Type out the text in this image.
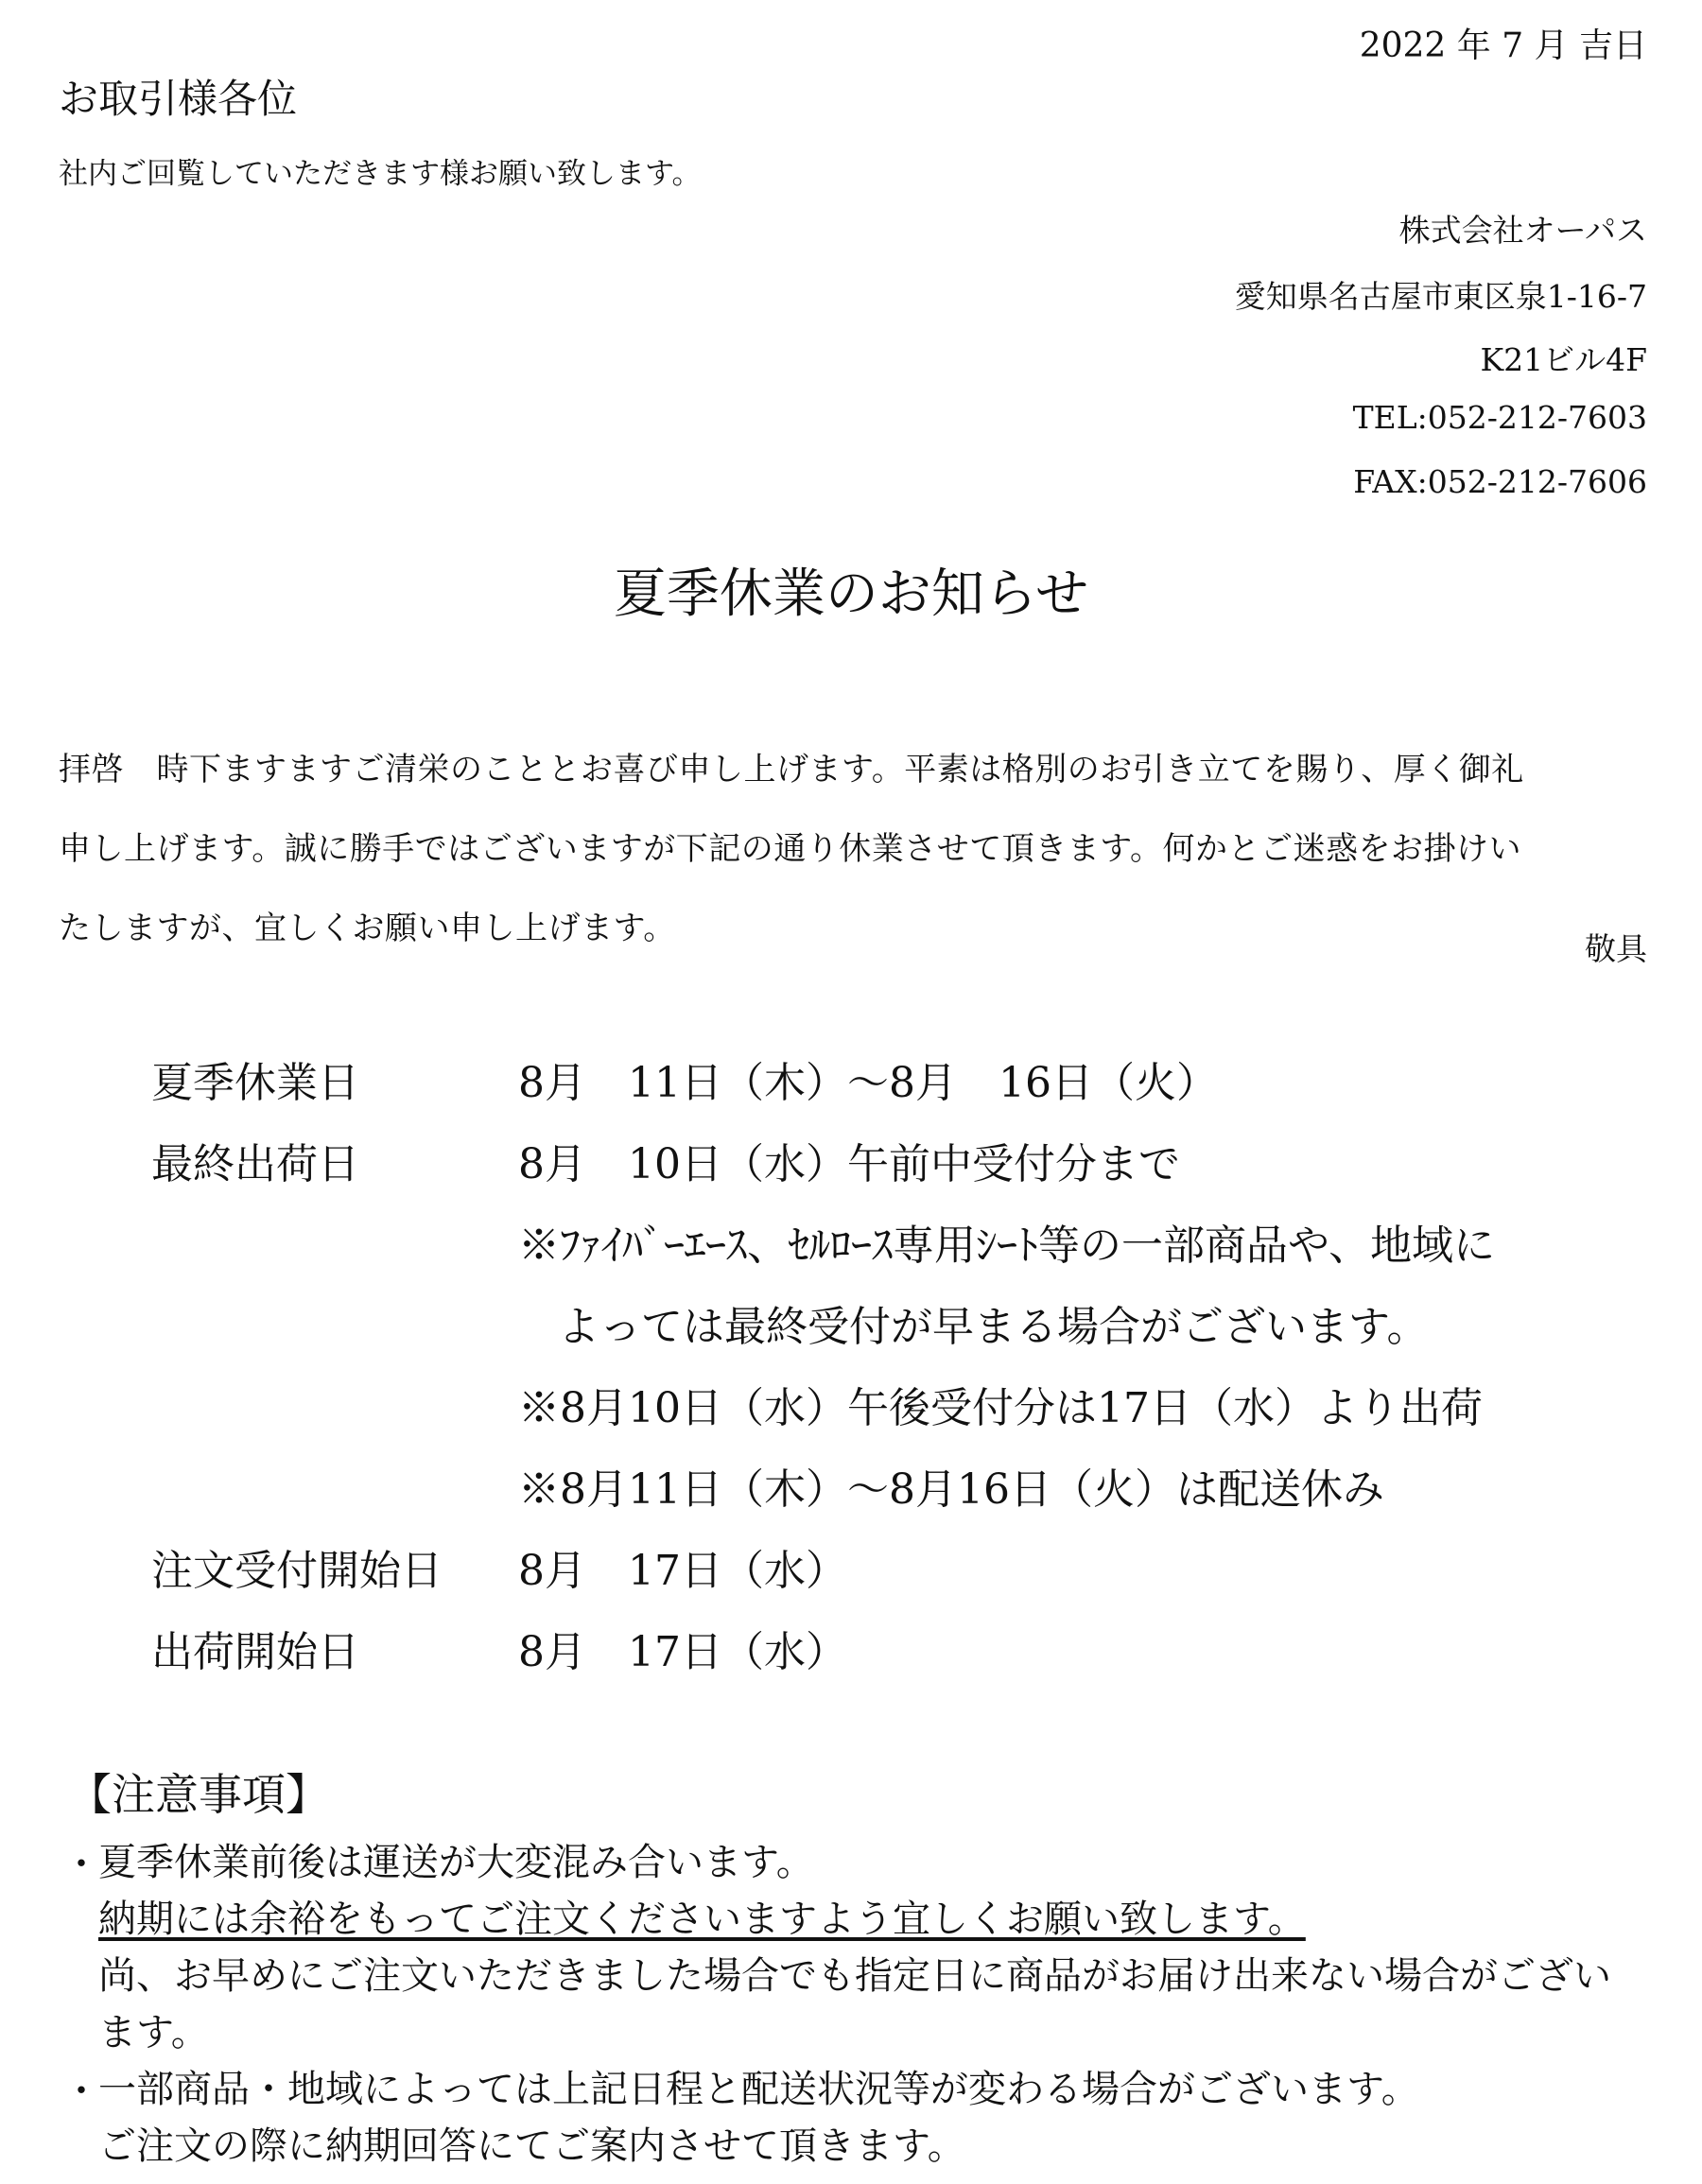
2022 年 7 月 吉日
お取引様各位
社内ご回覧していただきます様お願い致します。
株式会社オーパス
愛知県名古屋市東区泉1-16-7
K21ビル4F
TEL:052-212-7603
FAX:052-212-7606
夏季休業のお知らせ
拝啓　時下ますますご清栄のこととお喜び申し上げます。平素は格別のお引き立てを賜り、厚く御礼
申し上げます。誠に勝手ではございますが下記の通り休業させて頂きます。何かとご迷惑をお掛けい
たしますが、宜しくお願い申し上げます。
敬具
夏季休業日	8月　11日（木）～8月　16日（火）
最終出荷日	8月　10日（水）午前中受付分まで
	※ﾌｧｲﾊﾞｰｴｰｽ、ｾﾙﾛｰｽ専用ｼｰﾄ等の一部商品や、地域に
	よっては最終受付が早まる場合がございます。
	※8月10日（水）午後受付分は17日（水）より出荷
	※8月11日（木）～8月16日（火）は配送休み
注文受付開始日	8月　17日（水）
出荷開始日	8月　17日（水）
【注意事項】
・
夏季休業前後は運送が大変混み合います。
納期には余裕をもってご注文くださいますよう宜しくお願い致します。
尚、お早めにご注文いただきました場合でも指定日に商品がお届け出来ない場合がござい
ます。
・
一部商品・地域によっては上記日程と配送状況等が変わる場合がございます。
ご注文の際に納期回答にてご案内させて頂きます。
